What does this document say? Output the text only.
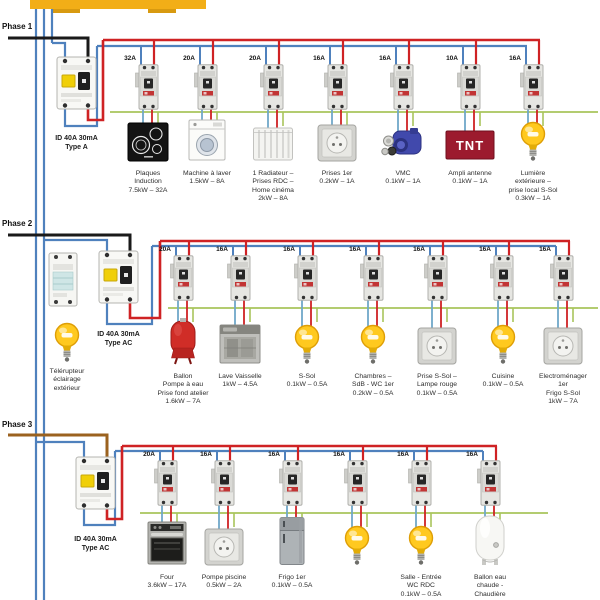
Phase 1
ID 40A 30mA
Type A
32A
Plaques
Induction
7.5kW – 32A
20A
Machine à laver
1.5kW – 8A
20A
1 Radiateur –
Prises RDC –
Home cinéma
2kW – 8A
16A
Prises 1er
0.2kW – 1A
16A
VMC
0.1kW – 1A
10A
TNT
Ampli antenne
0.1kW – 1A
16A
Lumière
extérieure –
prise local S-Sol
0.3kW – 1A
Phase 2
ID 40A 30mA
Type AC
Télérupteur
éclairage
extérieur
20A
Ballon
Pompe à eau
Prise fond atelier
1.6kW – 7A
16A
Lave Vaisselle
1kW – 4.5A
16A
S-Sol
0.1kW – 0.5A
16A
Chambres –
SdB - WC 1er
0.2kW – 0.5A
16A
Prise S-Sol –
Lampe rouge
0.1kW – 0.5A
16A
Cuisine
0.1kW – 0.5A
16A
Electroménager
1er
Frigo S-Sol
1kW – 7A
Phase 3
ID 40A 30mA
Type AC
20A
Four
3.6kW – 17A
16A
Pompe piscine
0.5kW – 2A
16A
Frigo 1er
0.1kW – 0.5A
16A	16A
Salle - Entrée
WC RDC
0.1kW – 0.5A
16A
Ballon eau
chaude -
Chaudière
